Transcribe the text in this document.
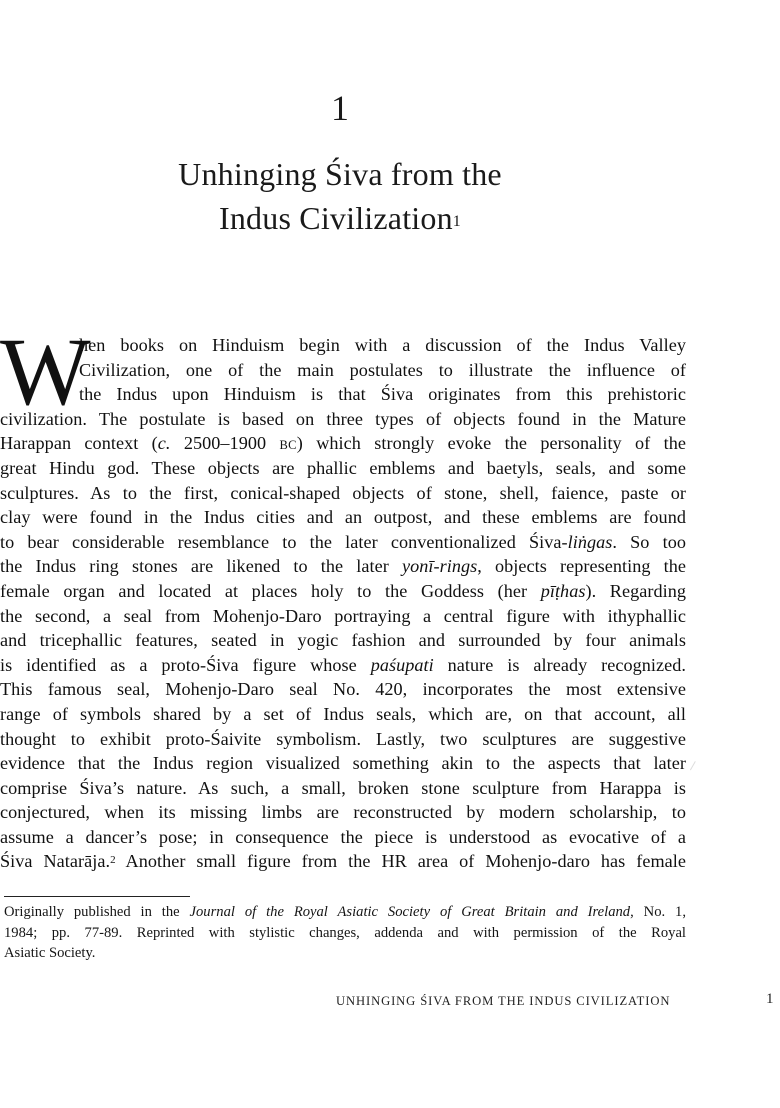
1
Unhinging Śiva from the
Indus Civilization$^1$
W
hen books on Hinduism begin with a discussion of the Indus Valley
Civilization, one of the main postulates to illustrate the influence of
the Indus upon Hinduism is that Śiva originates from this prehistoric
civilization. The postulate is based on three types of objects found in the Mature
Harappan context (c. 2500–1900 BC) which strongly evoke the personality of the
great Hindu god. These objects are phallic emblems and baetyls, seals, and some
sculptures. As to the first, conical-shaped objects of stone, shell, faience, paste or
clay were found in the Indus cities and an outpost, and these emblems are found
to bear considerable resemblance to the later conventionalized Śiva-liṅgas. So too
the Indus ring stones are likened to the later yonī-rings, objects representing the
female organ and located at places holy to the Goddess (her pīṭhas). Regarding
the second, a seal from Mohenjo-Daro portraying a central figure with ithyphallic
and tricephallic features, seated in yogic fashion and surrounded by four animals
is identified as a proto-Śiva figure whose paśupati nature is already recognized.
This famous seal, Mohenjo-Daro seal No. 420, incorporates the most extensive
range of symbols shared by a set of Indus seals, which are, on that account, all
thought to exhibit proto-Śaivite symbolism. Lastly, two sculptures are suggestive
evidence that the Indus region visualized something akin to the aspects that later
comprise Śiva’s nature. As such, a small, broken stone sculpture from Harappa is
conjectured, when its missing limbs are reconstructed by modern scholarship, to
assume a dancer’s pose; in consequence the piece is understood as evocative of a
Śiva Natarāja.$^2$ Another small figure from the HR area of Mohenjo-daro has female
Originally published in the Journal of the Royal Asiatic Society of Great Britain and Ireland, No. 1,
1984; pp. 77-89. Reprinted with stylistic changes, addenda and with permission of the Royal
Asiatic Society.
UNHINGING ŚIVA FROM THE INDUS CIVILIZATION	1
